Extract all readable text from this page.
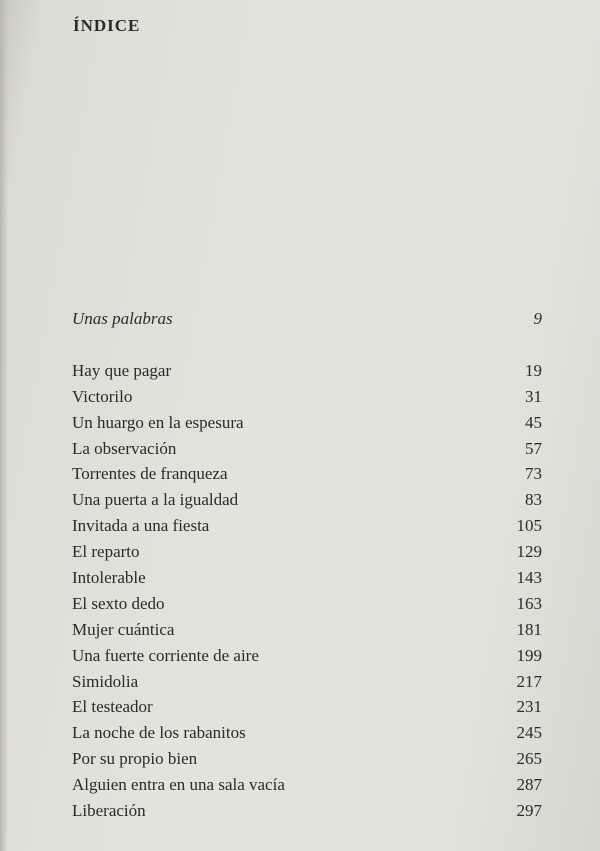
ÍNDICE
Unas palabras	9
Hay que pagar	19
Victorilo	31
Un huargo en la espesura	45
La observación	57
Torrentes de franqueza	73
Una puerta a la igualdad	83
Invitada a una fiesta	105
El reparto	129
Intolerable	143
El sexto dedo	163
Mujer cuántica	181
Una fuerte corriente de aire	199
Simidolia	217
El testeador	231
La noche de los rabanitos	245
Por su propio bien	265
Alguien entra en una sala vacía	287
Liberación	297
